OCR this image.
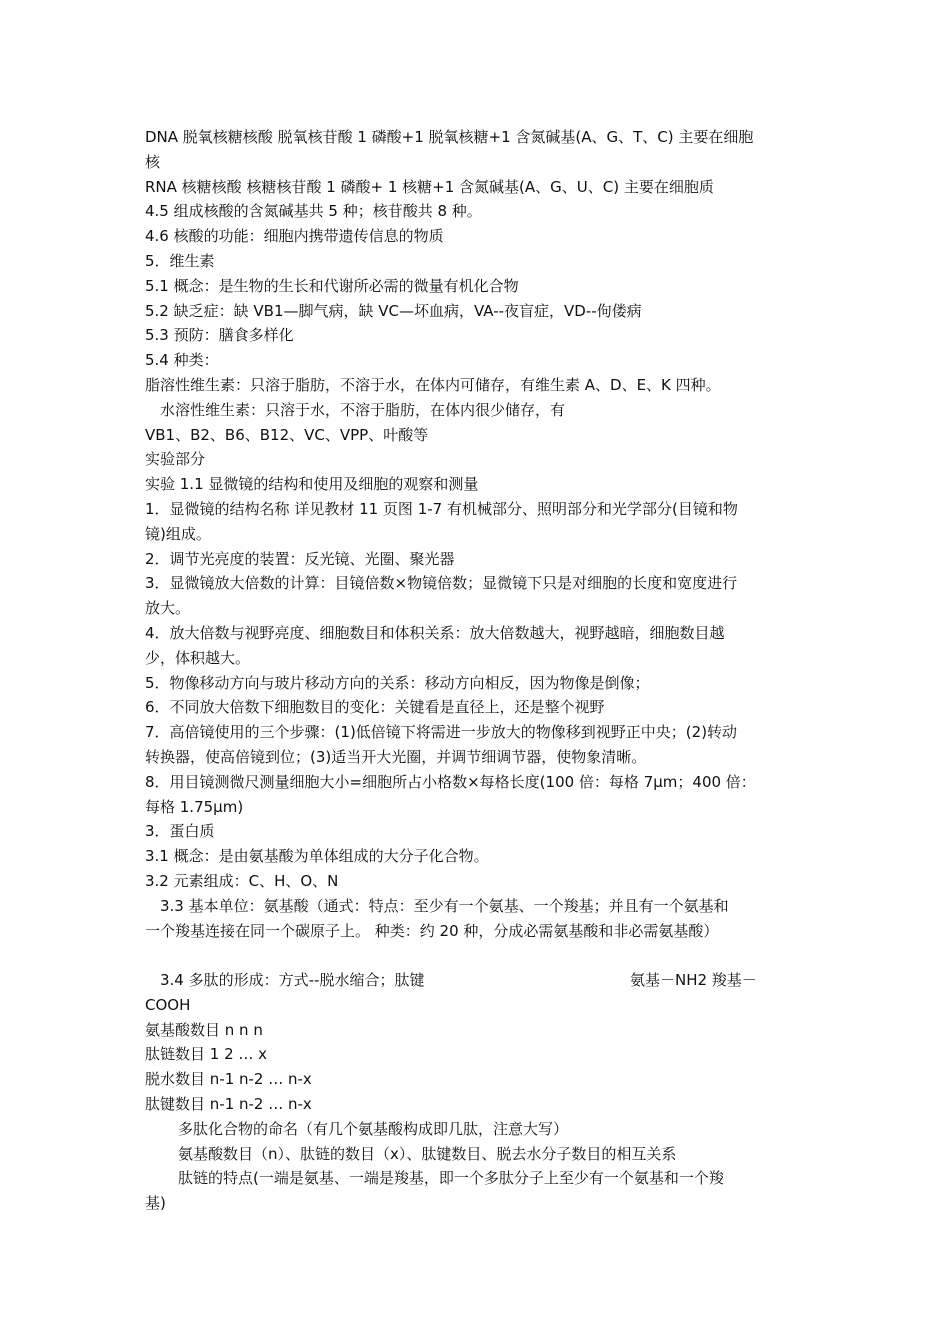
DNA 脱氧核糖核酸 脱氧核苷酸 1 磷酸+1 脱氧核糖+1 含氮碱基(A、G、T、C) 主要在细胞
核
RNA 核糖核酸 核糖核苷酸 1 磷酸+ 1 核糖+1 含氮碱基(A、G、U、C) 主要在细胞质
4.5 组成核酸的含氮碱基共 5 种；核苷酸共 8 种。
4.6 核酸的功能：细胞内携带遗传信息的物质
5．维生素
5.1 概念：是生物的生长和代谢所必需的微量有机化合物
5.2 缺乏症：缺 VB1—脚气病，缺 VC—坏血病，VA--夜盲症，VD--佝偻病
5.3 预防：膳食多样化
5.4 种类：
脂溶性维生素：只溶于脂肪，不溶于水，在体内可储存，有维生素 A、D、E、K 四种。
水溶性维生素：只溶于水，不溶于脂肪，在体内很少储存，有
VB1、B2、B6、B12、VC、VPP、叶酸等
实验部分
实验 1.1 显微镜的结构和使用及细胞的观察和测量
1．显微镜的结构名称 详见教材 11 页图 1-7 有机械部分、照明部分和光学部分(目镜和物
镜)组成。
2．调节光亮度的装置：反光镜、光圈、聚光器
3．显微镜放大倍数的计算：目镜倍数×物镜倍数；显微镜下只是对细胞的长度和宽度进行
放大。
4．放大倍数与视野亮度、细胞数目和体积关系：放大倍数越大，视野越暗，细胞数目越
少，体积越大。
5．物像移动方向与玻片移动方向的关系：移动方向相反，因为物像是倒像；
6．不同放大倍数下细胞数目的变化：关键看是直径上，还是整个视野
7．高倍镜使用的三个步骤：(1)低倍镜下将需进一步放大的物像移到视野正中央；(2)转动
转换器，使高倍镜到位；(3)适当开大光圈，并调节细调节器，使物象清晰。
8．用目镜测微尺测量细胞大小=细胞所占小格数×每格长度(100 倍：每格 7μm；400 倍：
每格 1.75μm)
3．蛋白质
3.1 概念：是由氨基酸为单体组成的大分子化合物。
3.2 元素组成：C、H、O、N
3.3 基本单位：氨基酸（通式：特点：至少有一个氨基、一个羧基；并且有一个氨基和
一个羧基连接在同一个碳原子上。 种类：约 20 种，分成必需氨基酸和非必需氨基酸）
3.4 多肽的形成：方式--脱水缩合；肽键	氨基－NH2 羧基－
COOH
氨基酸数目 n n n
肽链数目 1 2 … x
脱水数目 n-1 n-2 … n-x
肽键数目 n-1 n-2 … n-x
多肽化合物的命名（有几个氨基酸构成即几肽，注意大写）
氨基酸数目（n）、肽链的数目（x）、肽键数目、脱去水分子数目的相互关系
肽链的特点(一端是氨基、一端是羧基，即一个多肽分子上至少有一个氨基和一个羧
基)
